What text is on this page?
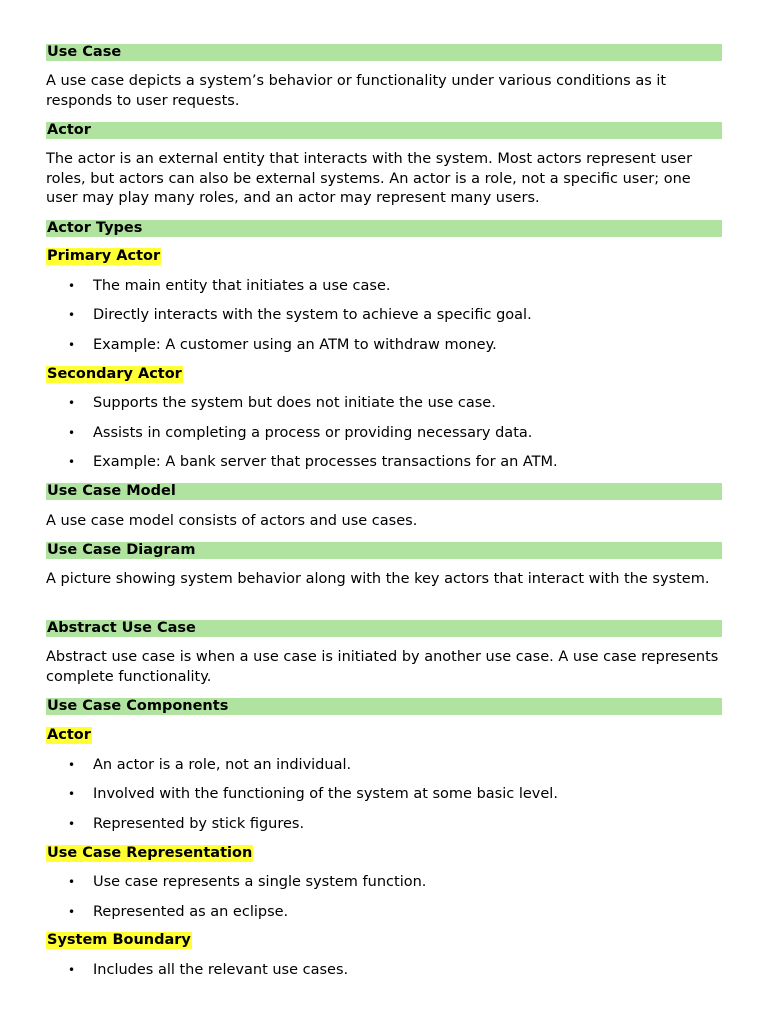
Use Case

A use case depicts a system’s behavior or functionality under various conditions as it responds to user requests.

Actor

The actor is an external entity that interacts with the system. Most actors represent user roles, but actors can also be external systems. An actor is a role, not a specific user; one user may play many roles, and an actor may represent many users.

Actor Types
Primary Actor
• The main entity that initiates a use case.
• Directly interacts with the system to achieve a specific goal.
• Example: A customer using an ATM to withdraw money.
Secondary Actor
• Supports the system but does not initiate the use case.
• Assists in completing a process or providing necessary data.
• Example: A bank server that processes transactions for an ATM.
Use Case Model

A use case model consists of actors and use cases.

Use Case Diagram

A picture showing system behavior along with the key actors that interact with the system.

Abstract Use Case

Abstract use case is when a use case is initiated by another use case. A use case represents complete functionality.

Use Case Components
Actor
• An actor is a role, not an individual.
• Involved with the functioning of the system at some basic level.
• Represented by stick figures.
Use Case Representation
• Use case represents a single system function.
• Represented as an eclipse.
System Boundary
• Includes all the relevant use cases.
